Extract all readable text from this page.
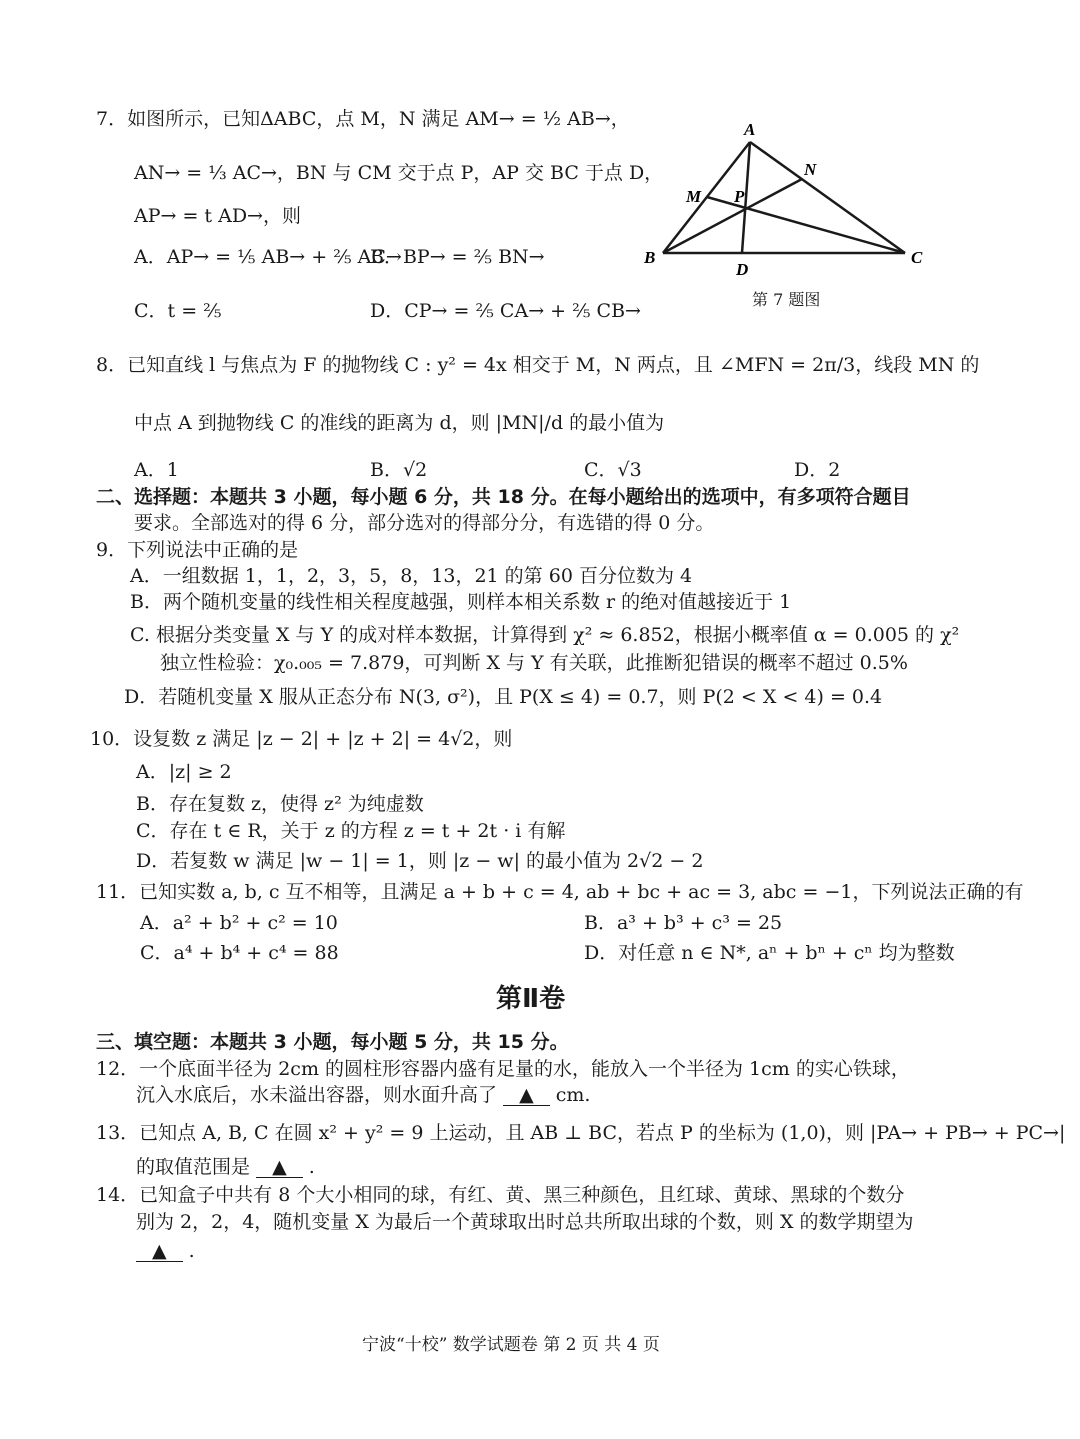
7．如图所示，已知ΔABC，点 M，N 满足 AM→ = ½ AB→，
AN→ = ⅓ AC→，BN 与 CM 交于点 P，AP 交 BC 于点 D，
AP→ = t AD→，则
A．AP→ = ⅕ AB→ + ⅖ AC→
B．BP→ = ⅖ BN→
C．t = ⅖	D．CP→ = ⅖ CA→ + ⅖ CB→
A
B	C
M
N
P
D
第 7 题图
8．已知直线 l 与焦点为 F 的抛物线 C : y² = 4x 相交于 M，N 两点，且 ∠MFN = 2π/3，线段 MN 的
中点 A 到抛物线 C 的准线的距离为 d，则 |MN|/d 的最小值为
A．1	B．√2	C．√3	D．2
二、选择题：本题共 3 小题，每小题 6 分，共 18 分。在每小题给出的选项中，有多项符合题目
要求。全部选对的得 6 分，部分选对的得部分分，有选错的得 0 分。
9．下列说法中正确的是
A．一组数据 1，1，2，3，5，8，13，21 的第 60 百分位数为 4
B．两个随机变量的线性相关程度越强，则样本相关系数 r 的绝对值越接近于 1
C. 根据分类变量 X 与 Y 的成对样本数据，计算得到 χ² ≈ 6.852，根据小概率值 α = 0.005 的 χ²
独立性检验：χ₀.₀₀₅ = 7.879，可判断 X 与 Y 有关联，此推断犯错误的概率不超过 0.5%
D．若随机变量 X 服从正态分布 N(3, σ²)，且 P(X ≤ 4) = 0.7，则 P(2 < X < 4) = 0.4
10．设复数 z 满足 |z − 2| + |z + 2| = 4√2，则
A．|z| ≥ 2
B．存在复数 z，使得 z² 为纯虚数
C．存在 t ∈ R，关于 z 的方程 z = t + 2t · i 有解
D．若复数 w 满足 |w − 1| = 1，则 |z − w| 的最小值为 2√2 − 2
11．已知实数 a, b, c 互不相等，且满足 a + b + c = 4, ab + bc + ac = 3, abc = −1，下列说法正确的有
A．a² + b² + c² = 10	B．a³ + b³ + c³ = 25
C．a⁴ + b⁴ + c⁴ = 88	D．对任意 n ∈ N*, aⁿ + bⁿ + cⁿ 均为整数
第Ⅱ卷
三、填空题：本题共 3 小题，每小题 5 分，共 15 分。
12．一个底面半径为 2cm 的圆柱形容器内盛有足量的水，能放入一个半径为 1cm 的实心铁球，
沉入水底后，水未溢出容器，则水面升高了 ▲ cm.
13．已知点 A, B, C 在圆 x² + y² = 9 上运动，且 AB ⊥ BC，若点 P 的坐标为 (1,0)，则 |PA→ + PB→ + PC→|
的取值范围是 ▲ .
14．已知盒子中共有 8 个大小相同的球，有红、黄、黑三种颜色，且红球、黄球、黑球的个数分
别为 2，2，4，随机变量 X 为最后一个黄球取出时总共所取出球的个数，则 X 的数学期望为
▲ .
宁波“十校” 数学试题卷 第 2 页 共 4 页
